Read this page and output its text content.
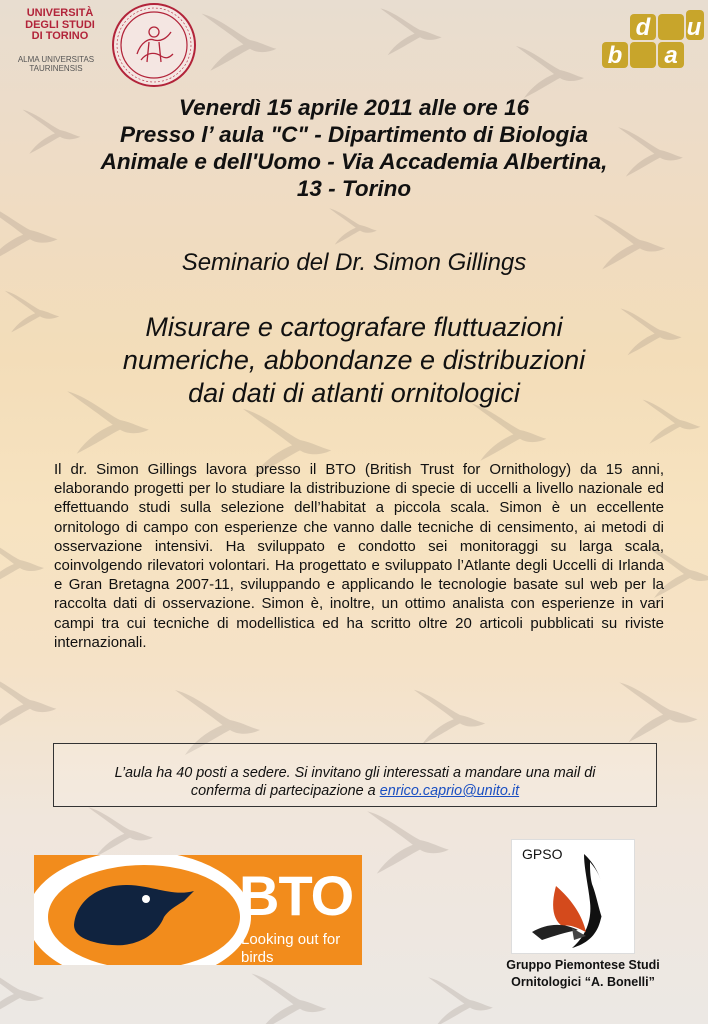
UNIVERSITÀ
DEGLI STUDI
DI TORINO
ALMA UNIVERSITAS
TAURINENSIS	b
d
a
u
Venerdì 15 aprile 2011 alle ore 16
Presso l’ aula "C" - Dipartimento di Biologia
Animale e dell'Uomo - Via Accademia Albertina,
13 - Torino
Seminario del Dr. Simon Gillings
Misurare e cartografare fluttuazioni
numeriche, abbondanze e distribuzioni
dai dati di atlanti ornitologici
Il dr. Simon Gillings lavora presso il BTO (British Trust for Ornithology) da 15 anni, elaborando progetti per lo studiare la distribuzione di specie di uccelli a livello nazionale ed effettuando studi sulla selezione dell’habitat a piccola scala. Simon è un eccellente ornitologo di campo con esperienze che vanno dalle tecniche di censimento, ai metodi di osservazione intensivi. Ha sviluppato e condotto sei monitoraggi su larga scala, coinvolgendo rilevatori volontari. Ha progettato e sviluppato l’Atlante degli Uccelli di Irlanda e Gran Bretagna 2007-11, sviluppando e applicando le tecnologie basate sul web per la raccolta dati di osservazione. Simon è, inoltre, un ottimo analista con esperienze in vari campi tra cui tecniche di modellistica ed ha scritto oltre 20 articoli pubblicati su riviste internazionali.
L’aula ha 40 posti a sedere. Si invitano gli interessati a mandare una mail di
conferma di partecipazione a enrico.caprio@unito.it
BTO
Looking out for birds
GPSO
Gruppo Piemontese Studi
Ornitologici “A. Bonelli”
